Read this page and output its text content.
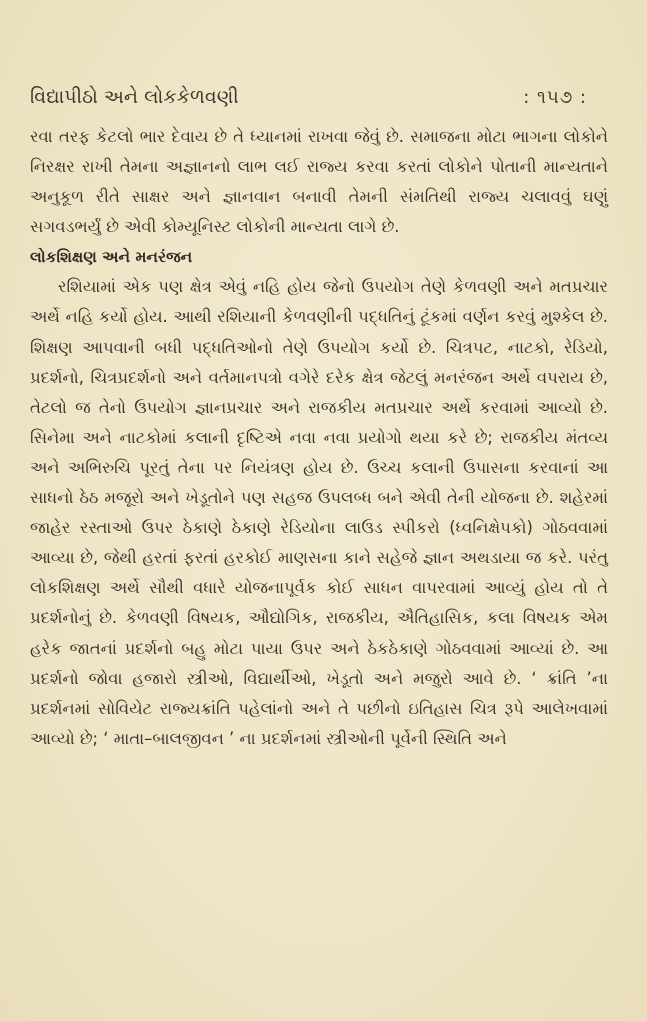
વિદ્યાપીઠો અને લોકકેળવણી	: ૧૫૭ :

રવા તરફ કેટલો ભાર દેવાય છે તે ધ્યાનમાં રાખવા જેવું છે. સમાજના મોટા ભાગના લોકોને નિરક્ષર રાખી તેમના અજ્ઞાનનો લાભ લઈ રાજ્ય કરવા કરતાં લોકોને પોતાની માન્યતાને અનુકૂળ રીતે સાક્ષર અને જ્ઞાનવાન બનાવી તેમની સંમતિથી રાજ્ય ચલાવવું ઘણું સગવડભર્યું છે એવી કોમ્યૂનિસ્ટ લોકોની માન્યતા લાગે છે.

લોકશિક્ષણ અને મનરંજન

રશિયામાં એક પણ ક્ષેત્ર એવું નહિ હોય જેનો ઉપયોગ તેણે કેળવણી અને મતપ્રચાર અર્થે નહિ કર્યો હોય. આથી રશિયાની કેળવણીની પદ્ધતિનું ટૂંકમાં વર્ણન કરવું મુશ્કેલ છે. શિક્ષણ આપવાની બધી પદ્ધતિઓનો તેણે ઉપયોગ કર્યો છે. ચિત્રપટ, નાટકો, રેડિયો, પ્રદર્શનો, ચિત્રપ્રદર્શનો અને વર્તમાનપત્રો વગેરે દરેક ક્ષેત્ર જેટલું મનરંજન અર્થે વપરાય છે, તેટલો જ તેનો ઉપયોગ જ્ઞાનપ્રચાર અને રાજકીય મતપ્રચાર અર્થે કરવામાં આવ્યો છે. સિનેમા અને નાટકોમાં કલાની દૃષ્ટિએ નવા નવા પ્રયોગો થયા કરે છે; રાજકીય મંતવ્ય અને અભિરુચિ પૂરતું તેના પર નિયંત્રણ હોય છે. ઉચ્ચ કલાની ઉપાસના કરવાનાં આ સાધનો ઠેઠ મજૂરો અને ખેડૂતોને પણ સહજ ઉપલબ્ધ બને એવી તેની યોજના છે. શહેરમાં જાહેર રસ્તાઓ ઉપર ઠેકાણે ઠેકાણે રેડિયોના લાઉડ સ્પીકરો (ધ્વનિક્ષેપકો) ગોઠવવામાં આવ્યા છે, જેથી હરતાં ફરતાં હરકોઈ માણસના કાને સહેજે જ્ઞાન અથડાયા જ કરે. પરંતુ લોકશિક્ષણ અર્થે સૌથી વધારે યોજનાપૂર્વક કોઈ સાધન વાપરવામાં આવ્યું હોય તો તે પ્રદર્શનોનું છે. કેળવણી વિષયક, ઔદ્યોગિક, રાજકીય, ઐતિહાસિક, કલા વિષયક એમ હરેક જાતનાં પ્રદર્શનો બહુ મોટા પાયા ઉપર અને ઠેકઠેકાણે ગોઠવવામાં આવ્યાં છે. આ પ્રદર્શનો જોવા હજારો સ્ત્રીઓ, વિદ્યાર્થીઓ, ખેડૂતો અને મજુરો આવે છે. ‘ ક્રાંતિ ’ના પ્રદર્શનમાં સોવિયેટ રાજ્યક્રાંતિ પહેલાંનો અને તે પછીનો ઇતિહાસ ચિત્ર રૂપે આલેખવામાં આવ્યો છે; ‘ માતા–બાલજીવન ’ ના પ્રદર્શનમાં સ્ત્રીઓની પૂર્વેની સ્થિતિ અને
